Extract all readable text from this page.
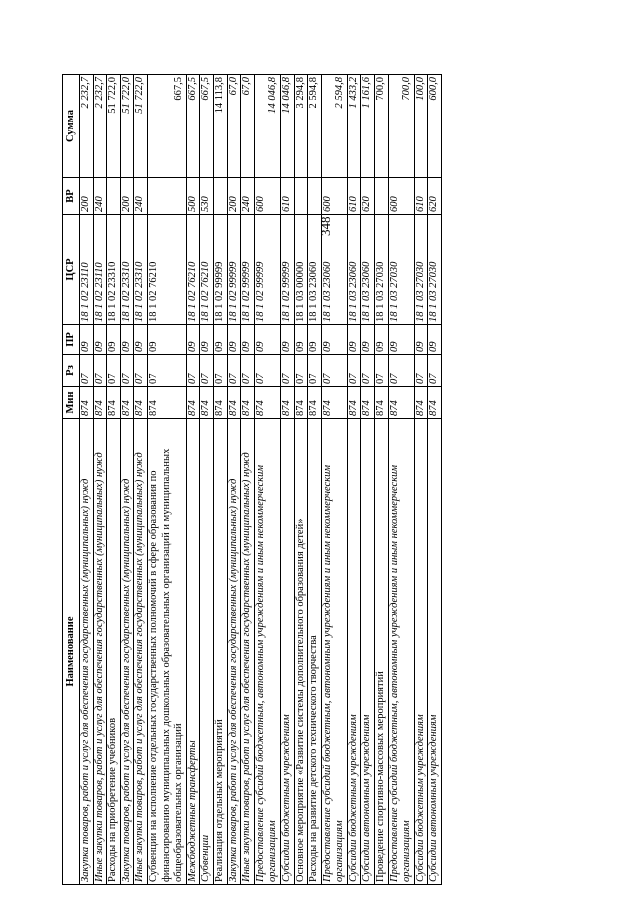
348
Наименование	Мин	Рз	ПР	ЦСР	ВР	Сумма
Закупка товаров, работ и услуг для обеспечения государственных (муниципальных) нужд	874	07	09	18 1 02 23110	200	2 232,7
Иные закупки товаров, работ и услуг для обеспечения государственных (муниципальных) нужд	874	07	09	18 1 02 23110	240	2 232,7
Расходы на приобретение учебников	874	07	09	18 1 02 23310		51 722,0
Закупка товаров, работ и услуг для обеспечения государственных (муниципальных) нужд	874	07	09	18 1 02 23310	200	51 722,0
Иные закупки товаров, работ и услуг для обеспечения государственных (муниципальных) нужд	874	07	09	18 1 02 23310	240	51 722,0
Субвенции на исполнение отдельных государственных полномочий в сфере образования по финансированию муниципальных дошкольных образовательных организаций и муниципальных общеобразовательных организаций	874	07	09	18 1 02 76210		667,5
Межбюджетные трансферты	874	07	09	18 1 02 76210	500	667,5
Субвенции	874	07	09	18 1 02 76210	530	667,5
Реализация отдельных мероприятий	874	07	09	18 1 02 99999		14 113,8
Закупка товаров, работ и услуг для обеспечения государственных (муниципальных) нужд	874	07	09	18 1 02 99999	200	67,0
Иные закупки товаров, работ и услуг для обеспечения государственных (муниципальных) нужд	874	07	09	18 1 02 99999	240	67,0
Предоставление субсидий бюджетным, автономным учреждениям и иным некоммерческим организациям	874	07	09	18 1 02 99999	600	14 046,8
Субсидии бюджетным учреждениям	874	07	09	18 1 02 99999	610	14 046,8
Основное мероприятие «Развитие системы дополнительного образования детей»	874	07	09	18 1 03 00000		3 294,8
Расходы на развитие детского технического творчества	874	07	09	18 1 03 23060		2 594,8
Предоставление субсидий бюджетным, автономным учреждениям и иным некоммерческим организациям	874	07	09	18 1 03 23060	600	2 594,8
Субсидии бюджетным учреждениям	874	07	09	18 1 03 23060	610	1 433,2
Субсидии автономным учреждениям	874	07	09	18 1 03 23060	620	1 161,6
Проведение спортивно-массовых мероприятий	874	07	09	18 1 03 27030		700,0
Предоставление субсидий бюджетным, автономным учреждениям и иным некоммерческим организациям	874	07	09	18 1 03 27030	600	700,0
Субсидии бюджетным учреждениям	874	07	09	18 1 03 27030	610	100,0
Субсидии автономным учреждениям	874	07	09	18 1 03 27030	620	600,0
